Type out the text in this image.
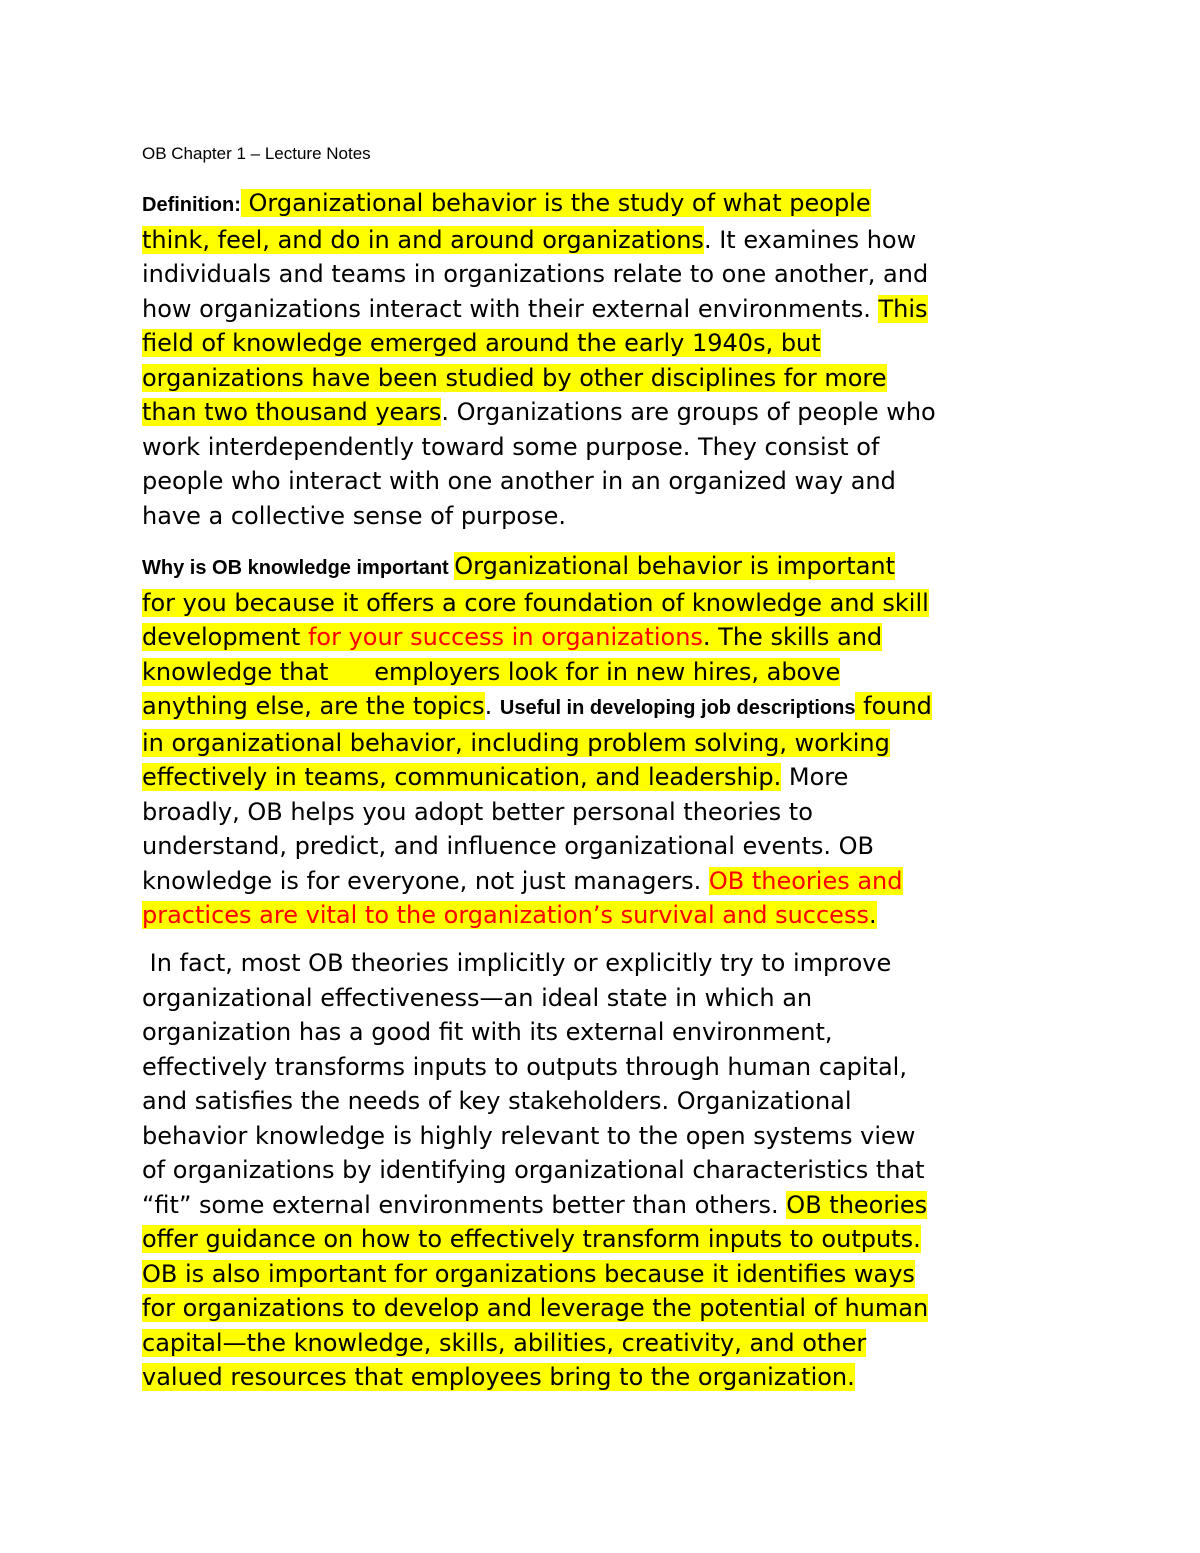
OB Chapter 1 – Lecture Notes

Definition: Organizational behavior is the study of what people
think, feel, and do in and around organizations. It examines how
individuals and teams in organizations relate to one another, and
how organizations interact with their external environments. This
field of knowledge emerged around the early 1940s, but
organizations have been studied by other disciplines for more
than two thousand years. Organizations are groups of people who
work interdependently toward some purpose. They consist of
people who interact with one another in an organized way and
have a collective sense of purpose.

Why is OB knowledge important Organizational behavior is important
for you because it offers a core foundation of knowledge and skill
development for your success in organizations. The skills and
knowledge that      employers look for in new hires, above
anything else, are the topics. Useful in developing job descriptions found
in organizational behavior, including problem solving, working
effectively in teams, communication, and leadership. More
broadly, OB helps you adopt better personal theories to
understand, predict, and influence organizational events. OB
knowledge is for everyone, not just managers. OB theories and
practices are vital to the organization’s survival and success.

In fact, most OB theories implicitly or explicitly try to improve
organizational effectiveness—an ideal state in which an
organization has a good fit with its external environment,
effectively transforms inputs to outputs through human capital,
and satisfies the needs of key stakeholders. Organizational
behavior knowledge is highly relevant to the open systems view
of organizations by identifying organizational characteristics that
“fit” some external environments better than others. OB theories
offer guidance on how to effectively transform inputs to outputs.
OB is also important for organizations because it identifies ways
for organizations to develop and leverage the potential of human
capital—the knowledge, skills, abilities, creativity, and other
valued resources that employees bring to the organization.
